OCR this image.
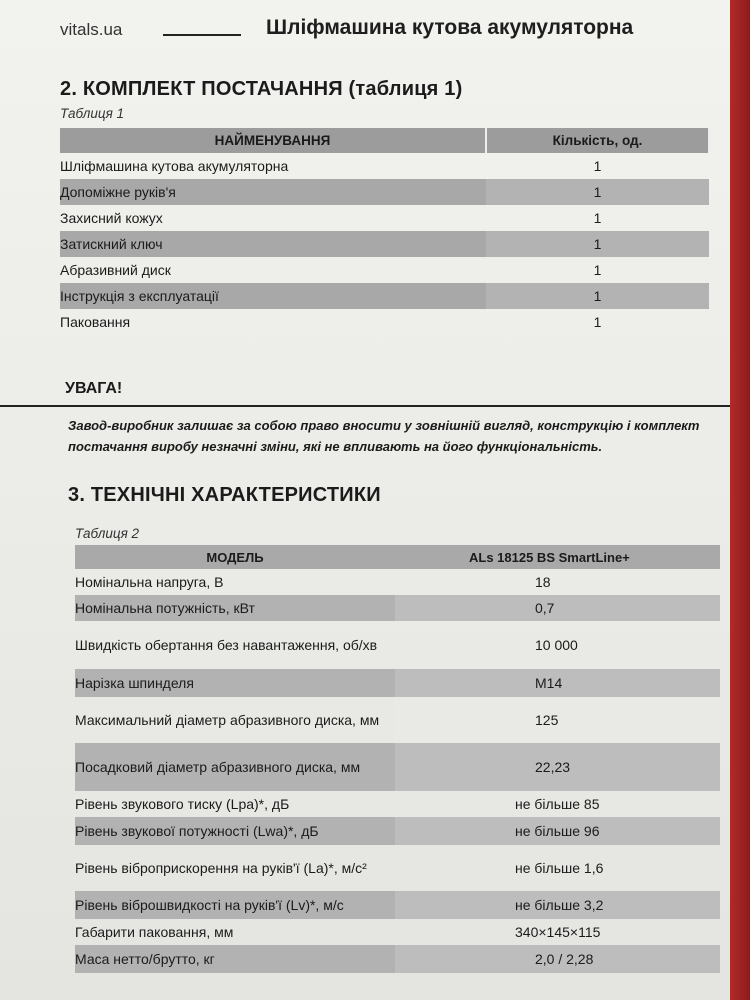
vitals.ua	Шліфмашина кутова акумуляторна
2. КОМПЛЕКТ ПОСТАЧАННЯ (таблиця 1)
Таблиця 1
НАЙМЕНУВАННЯ	Кількість, од.
Шліфмашина кутова акумуляторна	1
Допоміжне руків'я	1
Захисний кожух	1
Затискний ключ	1
Абразивний диск	1
Інструкція з експлуатації	1
Паковання	1
УВАГА!
Завод-виробник залишає за собою право вносити у зовнішній вигляд, конструкцію і комплект постачання виробу незначні зміни, які не впливають на його функціональність.
3. ТЕХНІЧНІ ХАРАКТЕРИСТИКИ
Таблиця 2
МОДЕЛЬ	ALs 18125 BS SmartLine+
Номінальна напруга, В	18
Номінальна потужність, кВт	0,7
Швидкість обертання без навантаження, об/хв	10 000
Нарізка шпинделя	М14
Максимальний діаметр абразивного диска, мм	125
Посадковий діаметр абразивного диска, мм	22,23
Рівень звукового тиску (Lpa)*, дБ	не більше 85
Рівень звукової потужності (Lwa)*, дБ	не більше 96
Рівень віброприскорення на руків'ї (La)*, м/с²	не більше 1,6
Рівень віброшвидкості на руків'ї (Lv)*, м/с	не більше 3,2
Габарити паковання, мм	340×145×115
Маса нетто/брутто, кг	2,0 / 2,28
